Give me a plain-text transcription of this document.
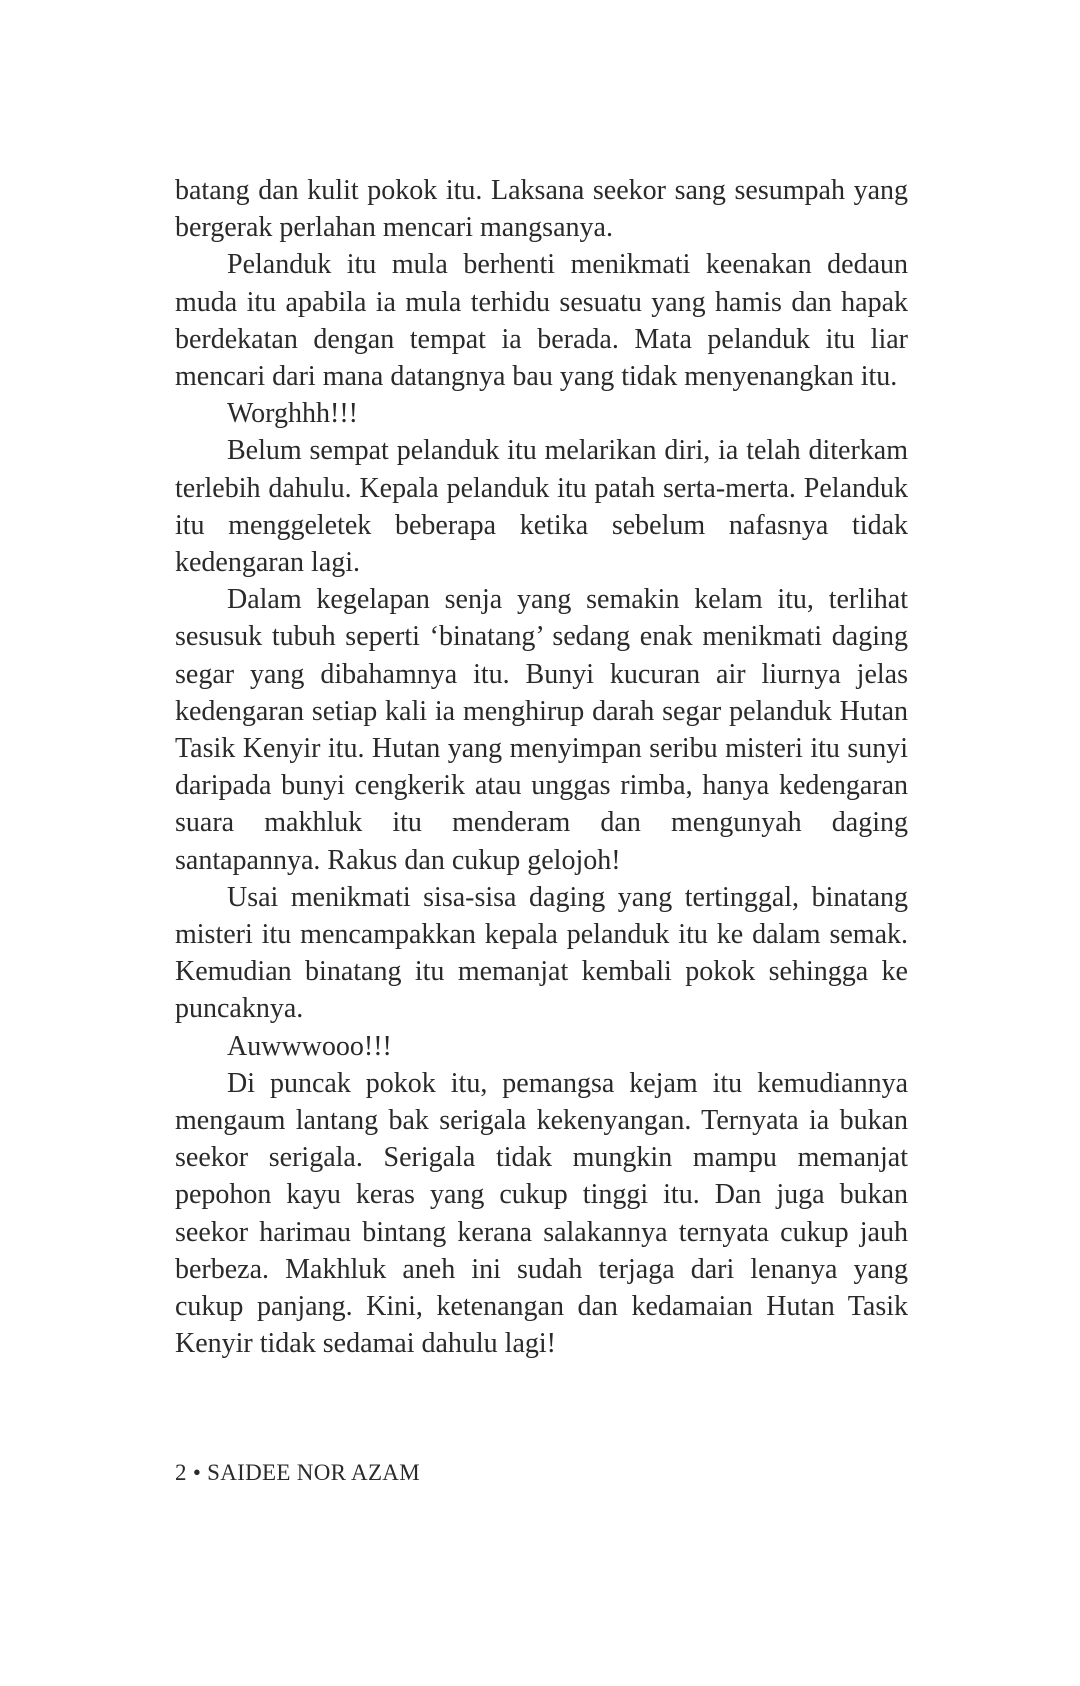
batang dan kulit pokok itu. Laksana seekor sang sesumpah yang bergerak perlahan mencari mangsanya.

Pelanduk itu mula berhenti menikmati keenakan dedaun muda itu apabila ia mula terhidu sesuatu yang hamis dan hapak berdekatan dengan tempat ia berada. Mata pelanduk itu liar mencari dari mana datangnya bau yang tidak menyenangkan itu.

Worghhh!!!

Belum sempat pelanduk itu melarikan diri, ia telah diterkam terlebih dahulu. Kepala pelanduk itu patah serta-merta. Pelanduk itu menggeletek beberapa ketika sebelum nafasnya tidak kedengaran lagi.

Dalam kegelapan senja yang semakin kelam itu, terlihat sesusuk tubuh seperti ‘binatang’ sedang enak menikmati daging segar yang dibahamnya itu. Bunyi kucuran air liurnya jelas kedengaran setiap kali ia menghirup darah segar pelanduk Hutan Tasik Kenyir itu. Hutan yang menyimpan seribu misteri itu sunyi daripada bunyi cengkerik atau unggas rimba, hanya kedengaran suara makhluk itu menderam dan mengunyah daging santapannya. Rakus dan cukup gelojoh!

Usai menikmati sisa-sisa daging yang tertinggal, binatang misteri itu mencampakkan kepala pelanduk itu ke dalam semak. Kemudian binatang itu memanjat kembali pokok sehingga ke puncaknya.

Auwwwooo!!!

Di puncak pokok itu, pemangsa kejam itu kemudiannya mengaum lantang bak serigala kekenyangan. Ternyata ia bukan seekor serigala. Serigala tidak mungkin mampu memanjat pepohon kayu keras yang cukup tinggi itu. Dan juga bukan seekor harimau bintang kerana salakannya ternyata cukup jauh berbeza. Makhluk aneh ini sudah terjaga dari lenanya yang cukup panjang. Kini, ketenangan dan kedamaian Hutan Tasik Kenyir tidak sedamai dahulu lagi!

2 • SAIDEE NOR AZAM
